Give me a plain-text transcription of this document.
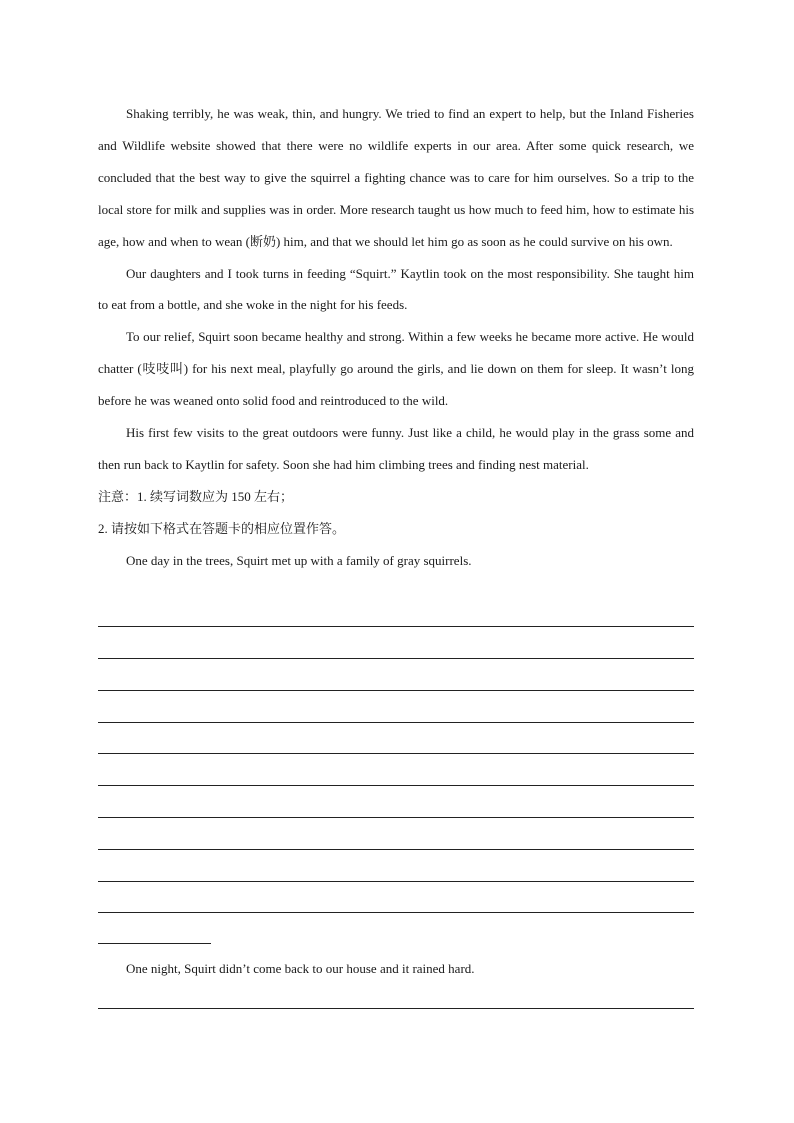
Shaking terribly, he was weak, thin, and hungry. We tried to find an expert to help, but the Inland Fisheries and Wildlife website showed that there were no wildlife experts in our area. After some quick research, we concluded that the best way to give the squirrel a fighting chance was to care for him ourselves. So a trip to the local store for milk and supplies was in order. More research taught us how much to feed him, how to estimate his age, how and when to wean (断奶) him, and that we should let him go as soon as he could survive on his own.

Our daughters and I took turns in feeding “Squirt.” Kaytlin took on the most responsibility. She taught him to eat from a bottle, and she woke in the night for his feeds.

To our relief, Squirt soon became healthy and strong. Within a few weeks he became more active. He would chatter (吱吱叫) for his next meal, playfully go around the girls, and lie down on them for sleep. It wasn’t long before he was weaned onto solid food and reintroduced to the wild.

His first few visits to the great outdoors were funny. Just like a child, he would play in the grass some and then run back to Kaytlin for safety. Soon she had him climbing trees and finding nest material.

注意：1. 续写词数应为 150 左右；

2. 请按如下格式在答题卡的相应位置作答。

One day in the trees, Squirt met up with a family of gray squirrels.

One night, Squirt didn’t come back to our house and it rained hard.
